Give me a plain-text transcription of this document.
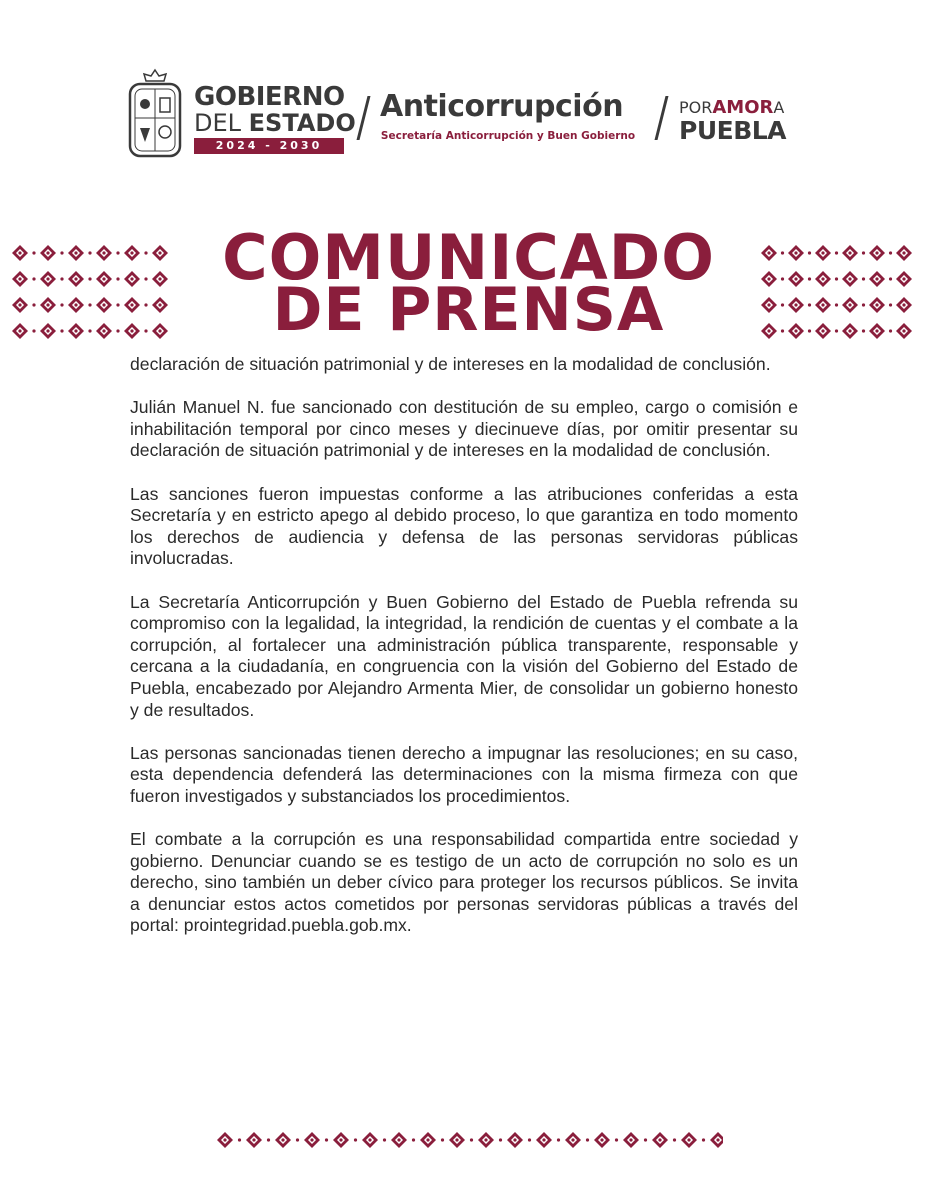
GOBIERNO
DEL ESTADO
2024 - 2030
Anticorrupción
Secretaría Anticorrupción y Buen Gobierno
PORAMORA
PUEBLA
COMUNICADO
DE PRENSA

declaración de situación patrimonial y de intereses en la modalidad de conclusión.

Julián Manuel N. fue sancionado con destitución de su empleo, cargo o comisión e inhabilitación temporal por cinco meses y diecinueve días, por omitir presentar su declaración de situación patrimonial y de intereses en la modalidad de conclusión.

Las sanciones fueron impuestas conforme a las atribuciones conferidas a esta Secretaría y en estricto apego al debido proceso, lo que garantiza en todo momento los derechos de audiencia y defensa de las personas servidoras públicas involucradas.

La Secretaría Anticorrupción y Buen Gobierno del Estado de Puebla refrenda su compromiso con la legalidad, la integridad, la rendición de cuentas y el combate a la corrupción, al fortalecer una administración pública transparente, responsable y cercana a la ciudadanía, en congruencia con la visión del Gobierno del Estado de Puebla, encabezado por Alejandro Armenta Mier, de consolidar un gobierno honesto y de resultados.

Las personas sancionadas tienen derecho a impugnar las resoluciones; en su caso, esta dependencia defenderá las determinaciones con la misma firmeza con que fueron investigados y substanciados los procedimientos.

El combate a la corrupción es una responsabilidad compartida entre sociedad y gobierno. Denunciar cuando se es testigo de un acto de corrupción no solo es un derecho, sino también un deber cívico para proteger los recursos públicos. Se invita a denunciar estos actos cometidos por personas servidoras públicas a través del portal: prointegridad.puebla.gob.mx.
